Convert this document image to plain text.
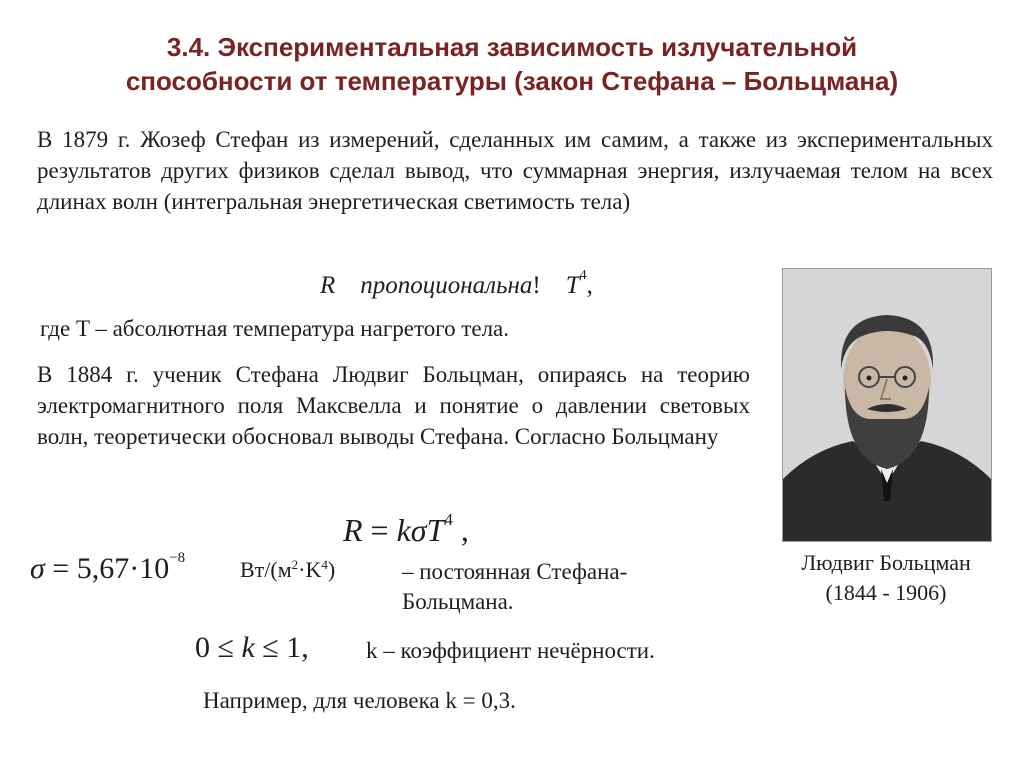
3.4. Экспериментальная зависимость излучательной
способности от температуры (закон Стефана – Больцмана)
В 1879 г. Жозеф Стефан из измерений, сделанных им самим, а также из экспериментальных результатов других физиков сделал вывод, что суммарная энергия, излучаемая телом на всех длинах волн (интегральная энергетическая светимость тела)
R пропоциональна! $T^4$,
где T – абсолютная температура нагретого тела.
В 1884 г. ученик Стефана Людвиг Больцман, опираясь на теорию электромагнитного поля Максвелла и понятие о давлении световых волн, теоретически обосновал выводы Стефана. Согласно Больцману
R = kσT$^4$ ,
$\sigma = 5,67\cdot 10^{-8}$ $Вт/(м^2\cdot K^4)$	– постоянная Стефана-Больцмана.
0 ≤ k ≤ 1, k – коэффициент нечёрности.
Например, для человека k = 0,3.
Людвиг Больцман
(1844 - 1906)
